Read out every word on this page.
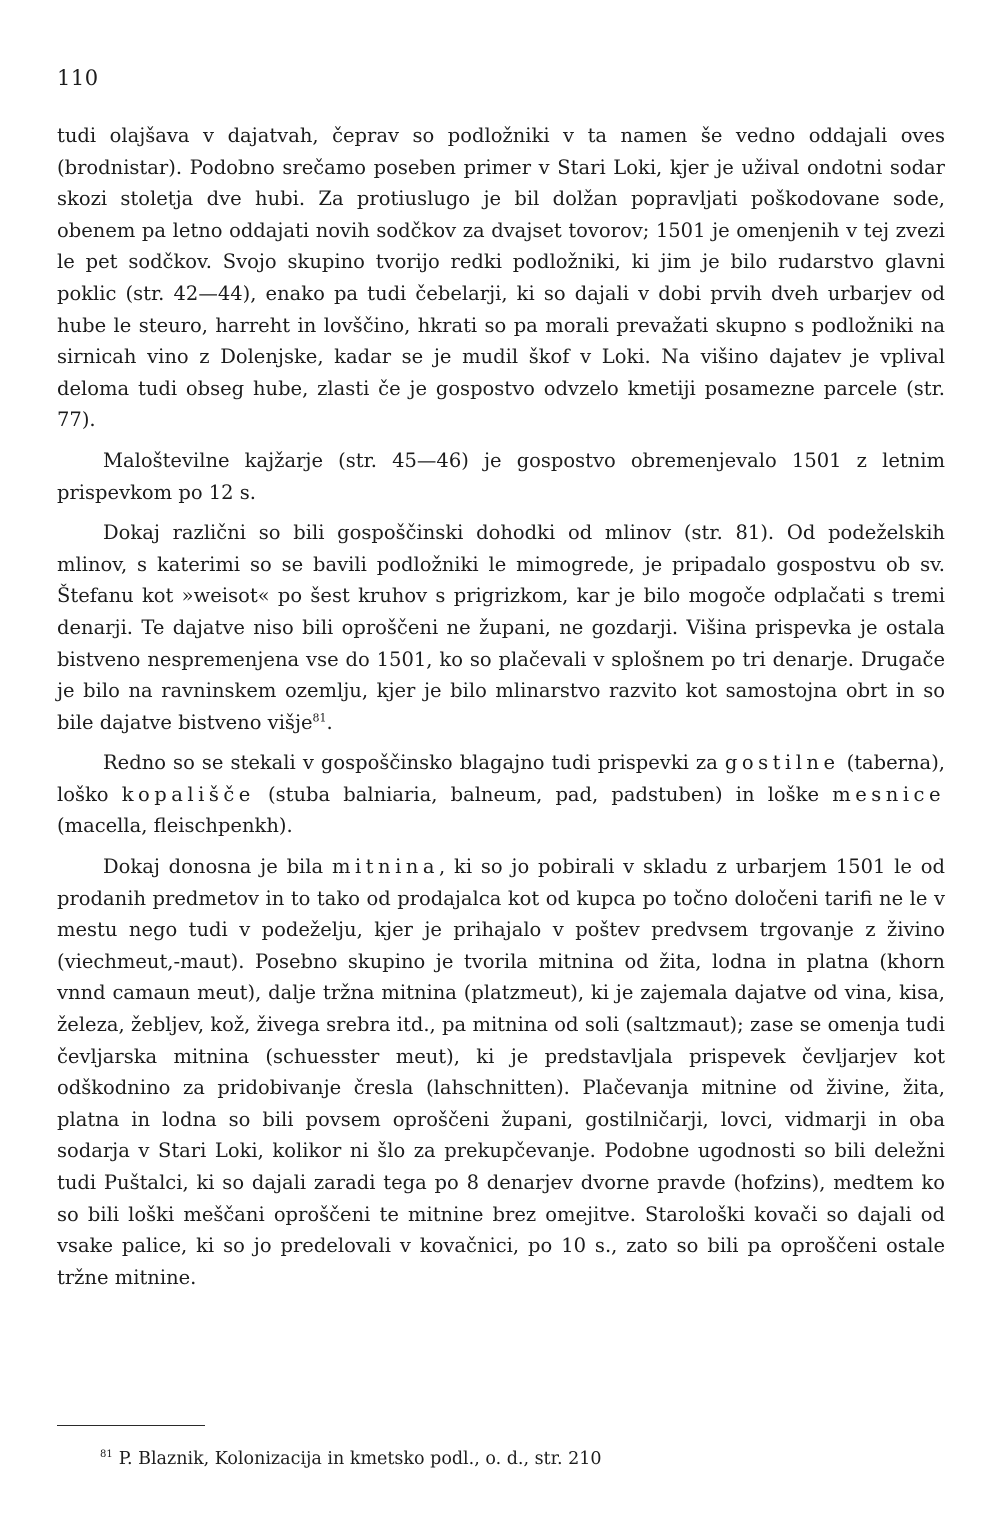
110

tudi olajšava v dajatvah, čeprav so podložniki v ta namen še vedno oddajali oves (brodnistar). Podobno srečamo poseben primer v Stari Loki, kjer je užival ondotni sodar skozi stoletja dve hubi. Za protiuslugo je bil dolžan popravljati poškodovane sode, obenem pa letno oddajati novih sodčkov za dvajset tovorov; 1501 je omenjenih v tej zvezi le pet sodčkov. Svojo skupino tvorijo redki podložniki, ki jim je bilo rudarstvo glavni poklic (str. 42—44), enako pa tudi čebelarji, ki so dajali v dobi prvih dveh urbarjev od hube le steuro, harreht in lovščino, hkrati so pa morali prevažati skupno s podložniki na sirnicah vino z Dolenjske, kadar se je mudil škof v Loki. Na višino dajatev je vplival deloma tudi obseg hube, zlasti če je gospostvo odvzelo kmetiji posamezne parcele (str. 77).

Maloštevilne kajžarje (str. 45—46) je gospostvo obremenjevalo 1501 z letnim prispevkom po 12 s.

Dokaj različni so bili gospoščinski dohodki od mlinov (str. 81). Od podeželskih mlinov, s katerimi so se bavili podložniki le mimogrede, je pripadalo gospostvu ob sv. Štefanu kot »weisot« po šest kruhov s prigrizkom, kar je bilo mogoče odplačati s tremi denarji. Te dajatve niso bili oproščeni ne župani, ne gozdarji. Višina prispevka je ostala bistveno nespremenjena vse do 1501, ko so plačevali v splošnem po tri denarje. Drugače je bilo na ravninskem ozemlju, kjer je bilo mlinarstvo razvito kot samostojna obrt in so bile dajatve bistveno višje$^{81}$.

Redno so se stekali v gospoščinsko blagajno tudi prispevki za gostilne (taberna), loško kopališče (stuba balniaria, balneum, pad, padstuben) in loške mesnice (macella, fleischpenkh).

Dokaj donosna je bila mitnina, ki so jo pobirali v skladu z urbarjem 1501 le od prodanih predmetov in to tako od prodajalca kot od kupca po točno določeni tarifi ne le v mestu nego tudi v podeželju, kjer je prihajalo v poštev predvsem trgovanje z živino (viechmeut,-maut). Posebno skupino je tvorila mitnina od žita, lodna in platna (khorn vnnd camaun meut), dalje tržna mitnina (platzmeut), ki je zajemala dajatve od vina, kisa, železa, žebljev, kož, živega srebra itd., pa mitnina od soli (saltzmaut); zase se omenja tudi čevljarska mitnina (schuesster meut), ki je predstavljala prispevek čevljarjev kot odškodnino za pridobivanje čresla (lahschnitten). Plačevanja mitnine od živine, žita, platna in lodna so bili povsem oproščeni župani, gostilničarji, lovci, vidmarji in oba sodarja v Stari Loki, kolikor ni šlo za prekupčevanje. Podobne ugodnosti so bili deležni tudi Puštalci, ki so dajali zaradi tega po 8 denarjev dvorne pravde (hofzins), medtem ko so bili loški meščani oproščeni te mitnine brez omejitve. Starološki kovači so dajali od vsake palice, ki so jo predelovali v kovačnici, po 10 s., zato so bili pa oproščeni ostale tržne mitnine.

$^{81}$ P. Blaznik, Kolonizacija in kmetsko podl., o. d., str. 210
